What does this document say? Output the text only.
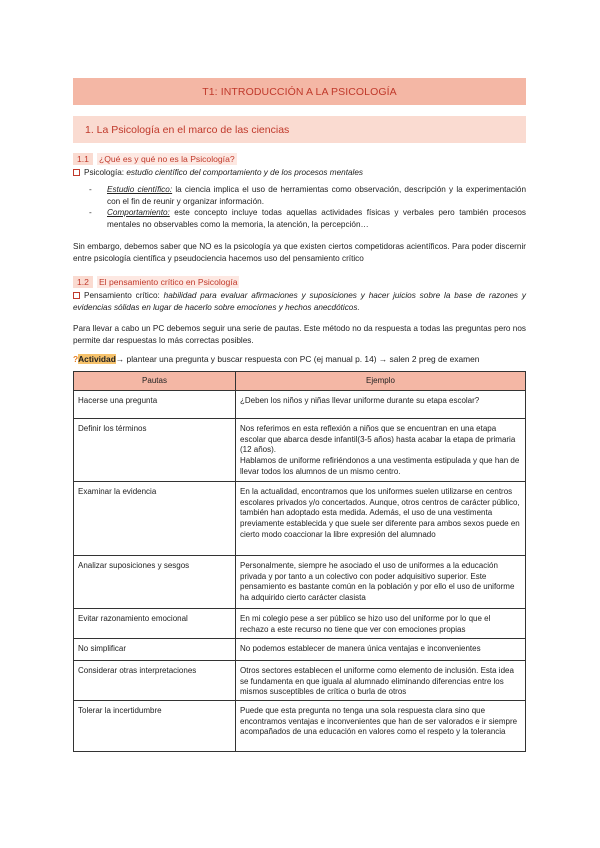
T1: INTRODUCCIÓN A LA PSICOLOGÍA
1. La Psicología en el marco de las ciencias
1.1	¿Qué es y qué no es la Psicología?
Psicología: estudio científico del comportamiento y de los procesos mentales
- Estudio científico: la ciencia implica el uso de herramientas como observación, descripción y la experimentación con el fin de reunir y organizar información.
- Comportamiento: este concepto incluye todas aquellas actividades físicas y verbales pero también procesos mentales no observables como la memoria, la atención, la percepción…
Sin embargo, debemos saber que NO es la psicología ya que existen ciertos competidoras acientíficos. Para poder discernir entre psicología científica y pseudociencia hacemos uso del pensamiento crítico
1.2	El pensamiento crítico en Psicología
Pensamiento crítico: habilidad para evaluar afirmaciones y suposiciones y hacer juicios sobre la base de razones y evidencias sólidas en lugar de hacerlo sobre emociones y hechos anecdóticos.
Para llevar a cabo un PC debemos seguir una serie de pautas. Este método no da respuesta a todas las preguntas pero nos permite dar respuestas lo más correctas posibles.
?Actividad→ plantear una pregunta y buscar respuesta con PC (ej manual p. 14) → salen 2 preg de examen
Pautas	Ejemplo
Hacerse una pregunta	¿Deben los niños y niñas llevar uniforme durante su etapa escolar?
Definir los términos	Nos referimos en esta reflexión a niños que se encuentran en una etapa escolar que abarca desde infantil(3-5 años) hasta acabar la etapa de primaria (12 años).
Hablamos de uniforme refiriéndonos a una vestimenta estipulada y que han de llevar todos los alumnos de un mismo centro.
Examinar la evidencia	En la actualidad, encontramos que los uniformes suelen utilizarse en centros escolares privados y/o concertados. Aunque, otros centros de carácter público, también han adoptado esta medida. Además, el uso de una vestimenta previamente establecida y que suele ser diferente para ambos sexos puede en cierto modo coaccionar la libre expresión del alumnado
Analizar suposiciones y sesgos	Personalmente, siempre he asociado el uso de uniformes a la educación privada y por tanto a un colectivo con poder adquisitivo superior. Este pensamiento es bastante común en la población y por ello el uso de uniforme ha adquirido cierto carácter clasista
Evitar razonamiento emocional	En mi colegio pese a ser público se hizo uso del uniforme por lo que el rechazo a este recurso no tiene que ver con emociones propias
No simplificar	No podemos establecer de manera única ventajas e inconvenientes
Considerar otras interpretaciones	Otros sectores establecen el uniforme como elemento de inclusión. Esta idea se fundamenta en que iguala al alumnado eliminando diferencias entre los mismos susceptibles de crítica o burla de otros
Tolerar la incertidumbre	Puede que esta pregunta no tenga una sola respuesta clara sino que encontramos ventajas e inconvenientes que han de ser valorados e ir siempre acompañados de una educación en valores como el respeto y la tolerancia
